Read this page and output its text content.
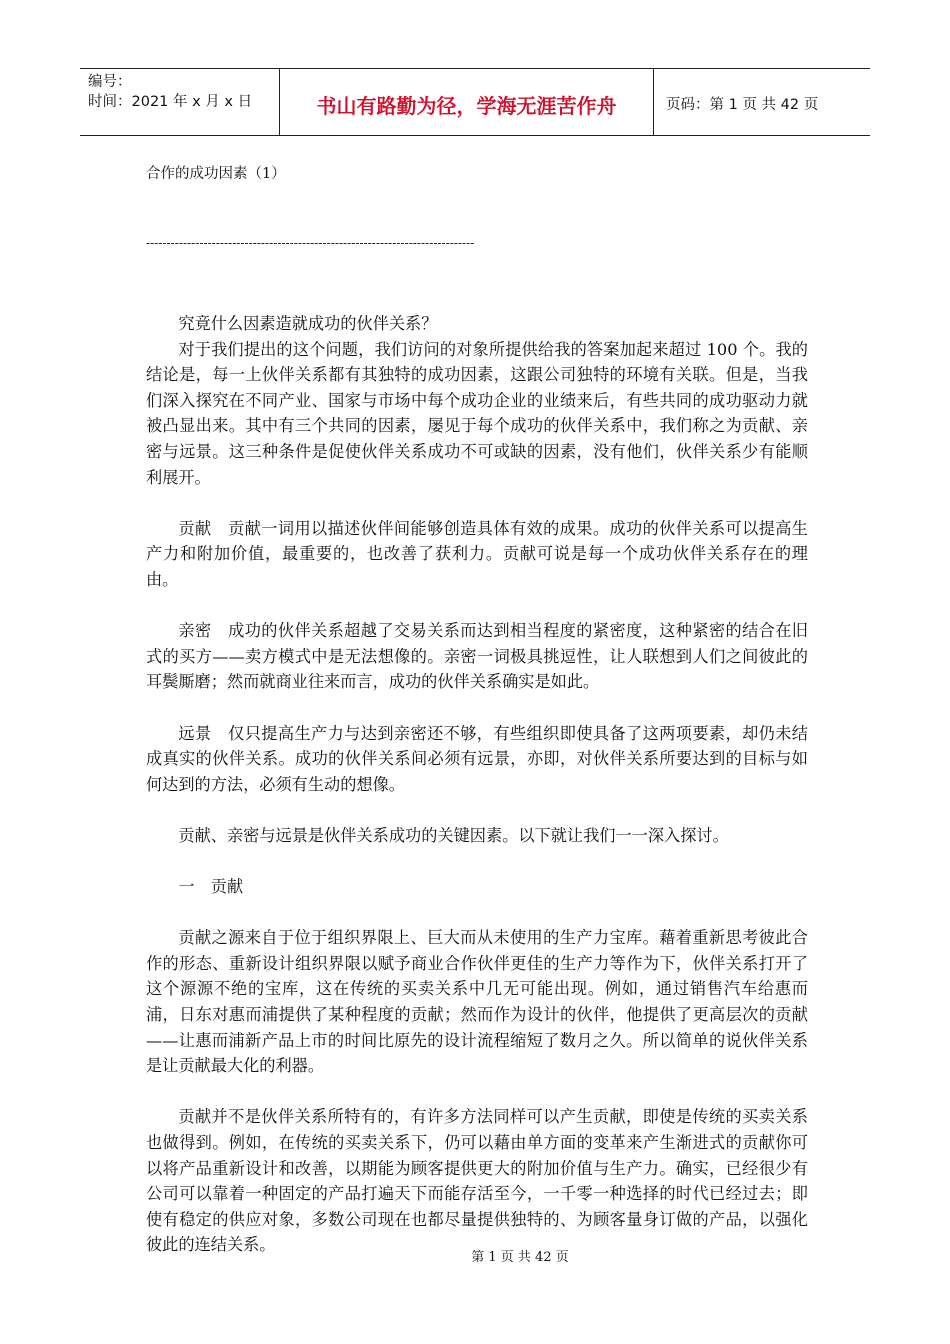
编号：
时间：2021 年 x 月 x 日	书山有路勤为径，学海无涯苦作舟	页码：第 1 页 共 42 页
合作的成功因素（1）
--------------------------------------------------------------------------------

究竟什么因素造就成功的伙伴关系？

对于我们提出的这个问题，我们访问的对象所提供给我的答案加起来超过 100 个。我的结论是，每一上伙伴关系都有其独特的成功因素，这跟公司独特的环境有关联。但是，当我们深入探究在不同产业、国家与市场中每个成功企业的业绩来后，有些共同的成功驱动力就被凸显出来。其中有三个共同的因素，屡见于每个成功的伙伴关系中，我们称之为贡献、亲密与远景。这三种条件是促使伙伴关系成功不可或缺的因素，没有他们，伙伴关系少有能顺利展开。

贡献　贡献一词用以描述伙伴间能够创造具体有效的成果。成功的伙伴关系可以提高生产力和附加价值，最重要的，也改善了获利力。贡献可说是每一个成功伙伴关系存在的理由。

亲密　成功的伙伴关系超越了交易关系而达到相当程度的紧密度，这种紧密的结合在旧式的买方——卖方模式中是无法想像的。亲密一词极具挑逗性，让人联想到人们之间彼此的耳鬓厮磨；然而就商业往来而言，成功的伙伴关系确实是如此。

远景　仅只提高生产力与达到亲密还不够，有些组织即使具备了这两项要素，却仍未结成真实的伙伴关系。成功的伙伴关系间必须有远景，亦即，对伙伴关系所要达到的目标与如何达到的方法，必须有生动的想像。

贡献、亲密与远景是伙伴关系成功的关键因素。以下就让我们一一深入探讨。

一　贡献

贡献之源来自于位于组织界限上、巨大而从未使用的生产力宝库。藉着重新思考彼此合作的形态、重新设计组织界限以赋予商业合作伙伴更佳的生产力等作为下，伙伴关系打开了这个源源不绝的宝库，这在传统的买卖关系中几无可能出现。例如，通过销售汽车给惠而浦，日东对惠而浦提供了某种程度的贡献；然而作为设计的伙伴，他提供了更高层次的贡献——让惠而浦新产品上市的时间比原先的设计流程缩短了数月之久。所以简单的说伙伴关系是让贡献最大化的利器。

贡献并不是伙伴关系所特有的，有许多方法同样可以产生贡献，即使是传统的买卖关系也做得到。例如，在传统的买卖关系下，仍可以藉由单方面的变革来产生渐进式的贡献你可以将产品重新设计和改善，以期能为顾客提供更大的附加价值与生产力。确实，已经很少有公司可以靠着一种固定的产品打遍天下而能存活至今，一千零一种选择的时代已经过去；即使有稳定的供应对象，多数公司现在也都尽量提供独特的、为顾客量身订做的产品，以强化彼此的连结关系。

第 1 页 共 42 页
